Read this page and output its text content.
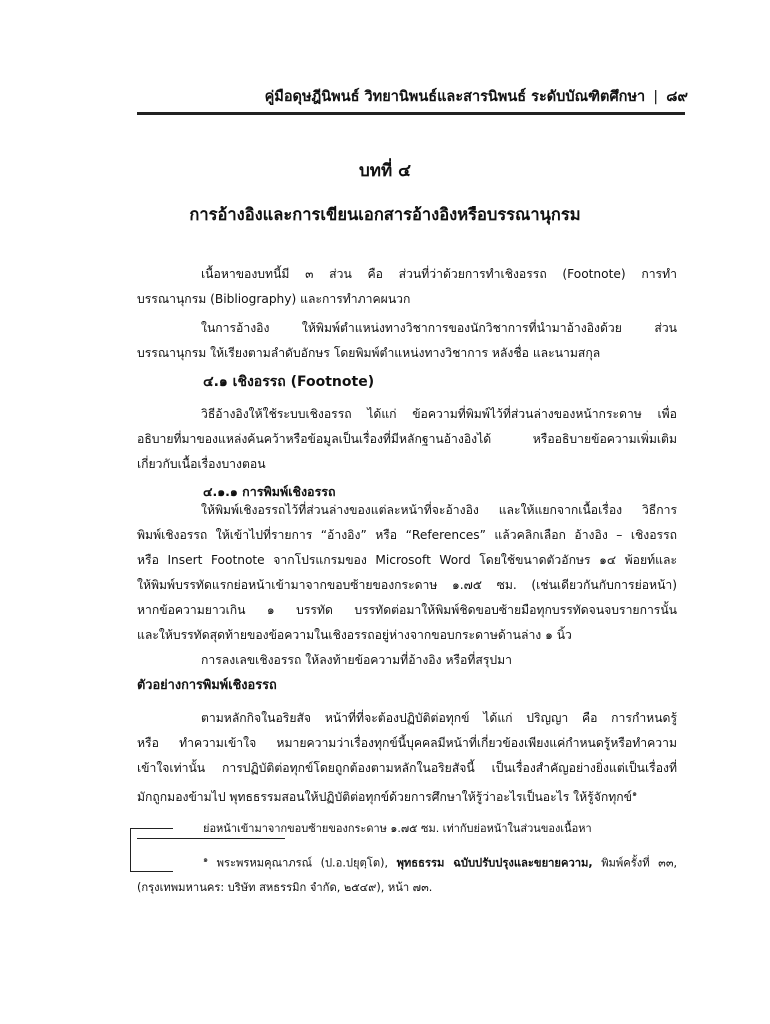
คู่มือดุษฎีนิพนธ์ วิทยานิพนธ์และสารนิพนธ์ ระดับบัณฑิตศึกษา | ๘๙
บทที่ ๔
การอ้างอิงและการเขียนเอกสารอ้างอิงหรือบรรณานุกรม
เนื้อหาของบทนี้มี ๓ ส่วน คือ ส่วนที่ว่าด้วยการทำเชิงอรรถ (Footnote) การทำ
บรรณานุกรม (Bibliography) และการทำภาคผนวก
ในการอ้างอิง ให้พิมพ์ตำแหน่งทางวิชาการของนักวิชาการที่นำมาอ้างอิงด้วย ส่วน
บรรณานุกรม ให้เรียงตามลำดับอักษร โดยพิมพ์ตำแหน่งทางวิชาการ หลังชื่อ และนามสกุล
๔.๑ เชิงอรรถ (Footnote)
วิธีอ้างอิงให้ใช้ระบบเชิงอรรถ ได้แก่ ข้อความที่พิมพ์ไว้ที่ส่วนล่างของหน้ากระดาษ เพื่อ
อธิบายที่มาของแหล่งค้นคว้าหรือข้อมูลเป็นเรื่องที่มีหลักฐานอ้างอิงได้ หรืออธิบายข้อความเพิ่มเติม
เกี่ยวกับเนื้อเรื่องบางตอน
๔.๑.๑ การพิมพ์เชิงอรรถ
ให้พิมพ์เชิงอรรถไว้ที่ส่วนล่างของแต่ละหน้าที่จะอ้างอิง และให้แยกจากเนื้อเรื่อง วิธีการ
พิมพ์เชิงอรรถ ให้เข้าไปที่รายการ “อ้างอิง” หรือ “References” แล้วคลิกเลือก อ้างอิง – เชิงอรรถ
หรือ Insert Footnote จากโปรแกรมของ Microsoft Word โดยใช้ขนาดตัวอักษร ๑๔ พ้อยท์และ
ให้พิมพ์บรรทัดแรกย่อหน้าเข้ามาจากขอบซ้ายของกระดาษ ๑.๗๕ ซม. (เช่นเดียวกันกับการย่อหน้า)
หากข้อความยาวเกิน ๑ บรรทัด บรรทัดต่อมาให้พิมพ์ชิดขอบซ้ายมือทุกบรรทัดจนจบรายการนั้น
และให้บรรทัดสุดท้ายของข้อความในเชิงอรรถอยู่ห่างจากขอบกระดาษด้านล่าง ๑ นิ้ว
การลงเลขเชิงอรรถ ให้ลงท้ายข้อความที่อ้างอิง หรือที่สรุปมา
ตัวอย่างการพิมพ์เชิงอรรถ
ตามหลักกิจในอริยสัจ หน้าที่ที่จะต้องปฏิบัติต่อทุกข์ ได้แก่ ปริญญา คือ การกำหนดรู้
หรือ ทำความเข้าใจ หมายความว่าเรื่องทุกข์นี้บุคคลมีหน้าที่เกี่ยวข้องเพียงแค่กำหนดรู้หรือทำความ
เข้าใจเท่านั้น การปฏิบัติต่อทุกข์โดยถูกต้องตามหลักในอริยสัจนี้ เป็นเรื่องสำคัญอย่างยิ่งแต่เป็นเรื่องที่
มักถูกมองข้ามไป พุทธธรรมสอนให้ปฏิบัติต่อทุกข์ด้วยการศึกษาให้รู้ว่าอะไรเป็นอะไร ให้รู้จักทุกข์$^๑$
ย่อหน้าเข้ามาจากขอบซ้ายของกระดาษ ๑.๗๕ ซม. เท่ากับย่อหน้าในส่วนของเนื้อหา
$^๑$ พระพรหมคุณาภรณ์ (ป.อ.ปยุตฺโต), พุทธธรรม ฉบับปรับปรุงและขยายความ, พิมพ์ครั้งที่ ๓๓,
(กรุงเทพมหานคร: บริษัท สหธรรมิก จำกัด, ๒๕๔๙), หน้า ๗๓.
